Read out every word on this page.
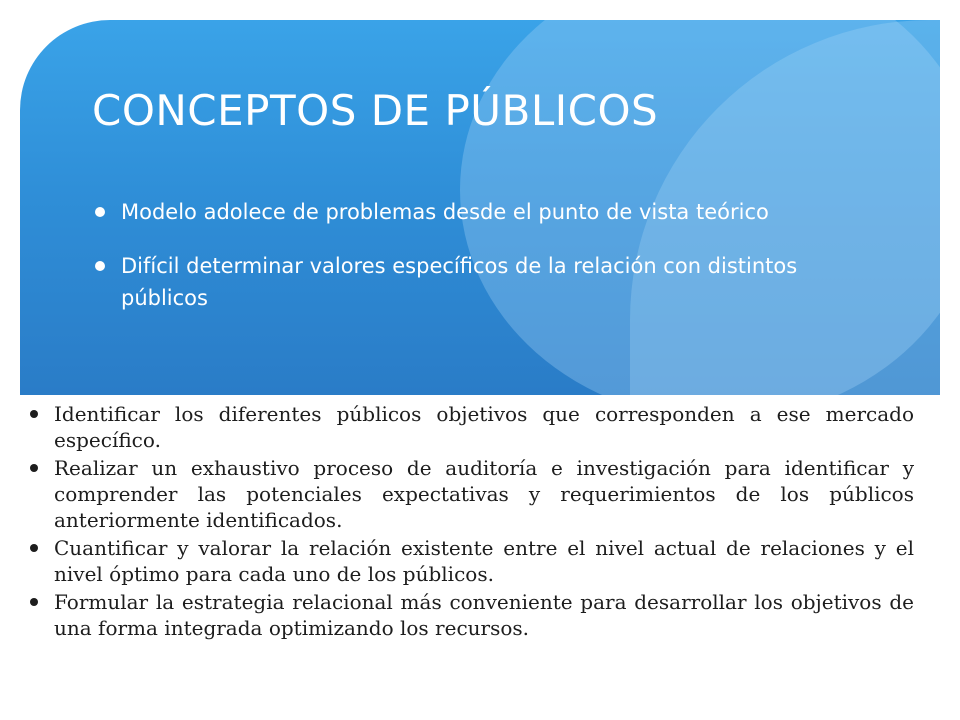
CONCEPTOS DE PÚBLICOS
Modelo adolece de problemas desde el punto de vista teórico
Difícil determinar valores específicos de la relación con distintos públicos
Identificar los diferentes públicos objetivos que corresponden a ese mercado específico.
Realizar un exhaustivo proceso de auditoría e investigación para identificar y comprender las potenciales expectativas y requerimientos de los públicos anteriormente identificados.
Cuantificar y valorar la relación existente entre el nivel actual de relaciones y el nivel óptimo para cada uno de los públicos.
Formular la estrategia relacional más conveniente para desarrollar los objetivos de una forma integrada optimizando los recursos.
